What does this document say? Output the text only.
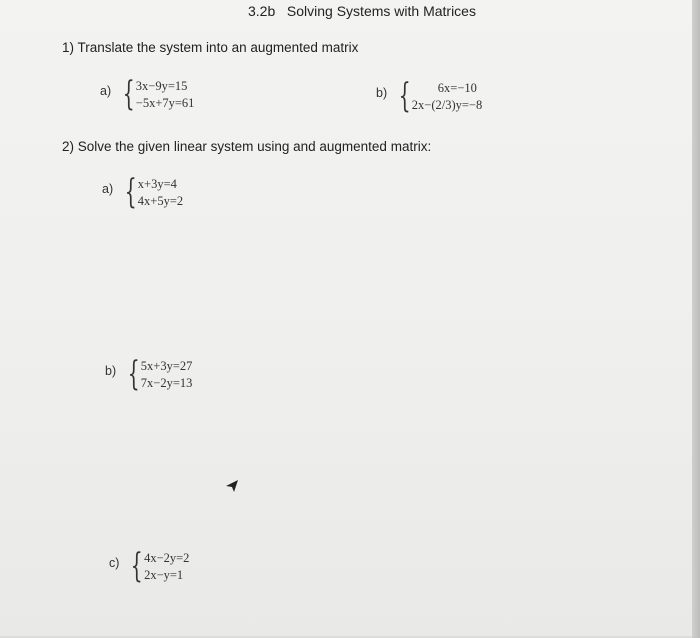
3.2b   Solving Systems with Matrices
1) Translate the system into an augmented matrix
a) { 3x−9y=15
−5x+7y=61
b) {	6x=−10
2x−(2/3)y=−8
2) Solve the given linear system using and augmented matrix:
a) { x+3y=4
4x+5y=2
b) { 5x+3y=27
7x−2y=13
c) { 4x−2y=2
2x−y=1
